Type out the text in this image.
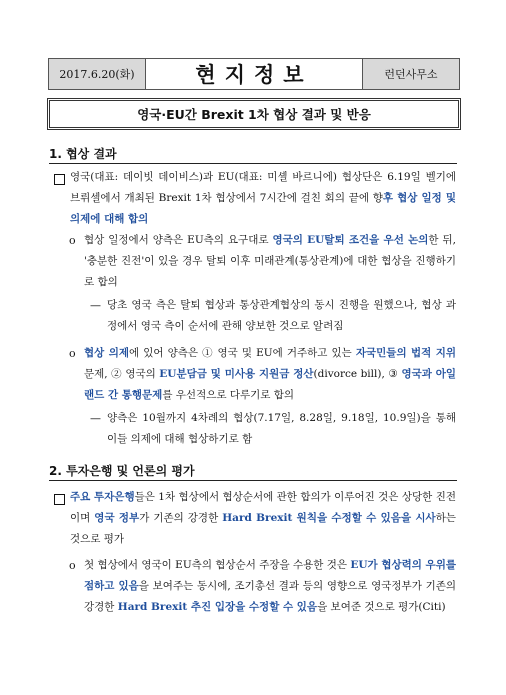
2017.6.20(화)	현지정보	런던사무소
영국·EU간 Brexit 1차 협상 결과 및 반응
1. 협상 결과
영국(대표: 데이빗 데이비스)과 EU(대표: 미셸 바르니에) 협상단은 6.19일 벨기에 브뤼셀에서 개최된 Brexit 1차 협상에서 7시간에 걸친 회의 끝에 향후 협상 일정 및 의제에 대해 합의
o 협상 일정에서 양측은 EU측의 요구대로 영국의 EU탈퇴 조건을 우선 논의한 뒤, '충분한 진전'이 있을 경우 탈퇴 이후 미래관계(통상관계)에 대한 협상을 진행하기로 합의
— 당초 영국 측은 탈퇴 협상과 통상관계협상의 동시 진행을 원했으나, 협상 과정에서 영국 측이 순서에 관해 양보한 것으로 알려짐
o 협상 의제에 있어 양측은 ① 영국 및 EU에 거주하고 있는 자국민들의 법적 지위 문제, ② 영국의 EU분담금 및 미사용 지원금 정산(divorce bill), ③ 영국과 아일랜드 간 통행문제를 우선적으로 다루기로 합의
— 양측은 10월까지 4차례의 협상(7.17일, 8.28일, 9.18일, 10.9일)을 통해 이들 의제에 대해 협상하기로 함
2. 투자은행 및 언론의 평가
주요 투자은행들은 1차 협상에서 협상순서에 관한 합의가 이루어진 것은 상당한 진전이며 영국 정부가 기존의 강경한 Hard Brexit 원칙을 수정할 수 있음을 시사하는 것으로 평가
o 첫 협상에서 영국이 EU측의 협상순서 주장을 수용한 것은 EU가 협상력의 우위를 점하고 있음을 보여주는 동시에, 조기총선 결과 등의 영향으로 영국정부가 기존의 강경한 Hard Brexit 추진 입장을 수정할 수 있음을 보여준 것으로 평가(Citi)
